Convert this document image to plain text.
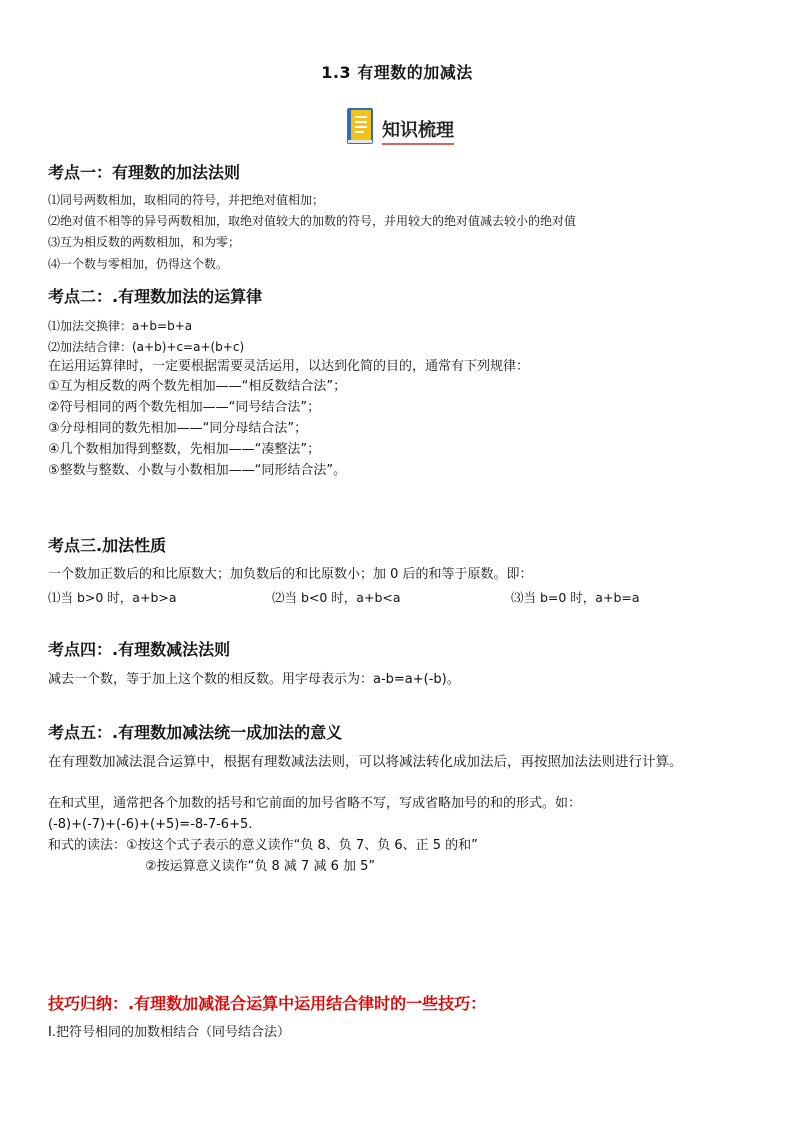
1.3 有理数的加减法
知识梳理
考点一：有理数的加法法则
⑴同号两数相加，取相同的符号，并把绝对值相加；
⑵绝对值不相等的异号两数相加，取绝对值较大的加数的符号，并用较大的绝对值减去较小的绝对值
⑶互为相反数的两数相加，和为零；
⑷一个数与零相加，仍得这个数。
考点二：.有理数加法的运算律
⑴加法交换律：a+b=b+a
⑵加法结合律：(a+b)+c=a+(b+c)
在运用运算律时，一定要根据需要灵活运用，以达到化简的目的，通常有下列规律：
①互为相反数的两个数先相加——“相反数结合法”；
②符号相同的两个数先相加——“同号结合法”；
③分母相同的数先相加——“同分母结合法”；
④几个数相加得到整数，先相加——“凑整法”；
⑤整数与整数、小数与小数相加——“同形结合法”。
考点三.加法性质
一个数加正数后的和比原数大；加负数后的和比原数小；加 0 后的和等于原数。即：
⑴当 b>0 时，a+b>a	⑵当 b<0 时，a+b<a	⑶当 b=0 时，a+b=a
考点四：.有理数减法法则
减去一个数，等于加上这个数的相反数。用字母表示为：a-b=a+(-b)。
考点五：.有理数加减法统一成加法的意义
在有理数加减法混合运算中，根据有理数减法法则，可以将减法转化成加法后，再按照加法法则进行计算。
在和式里，通常把各个加数的括号和它前面的加号省略不写，写成省略加号的和的形式。如：
(-8)+(-7)+(-6)+(+5)=-8-7-6+5.
和式的读法：①按这个式子表示的意义读作“负 8、负 7、负 6、正 5 的和”
②按运算意义读作“负 8 减 7 减 6 加 5”
技巧归纳：.有理数加减混合运算中运用结合律时的一些技巧：
Ⅰ.把符号相同的加数相结合（同号结合法）
